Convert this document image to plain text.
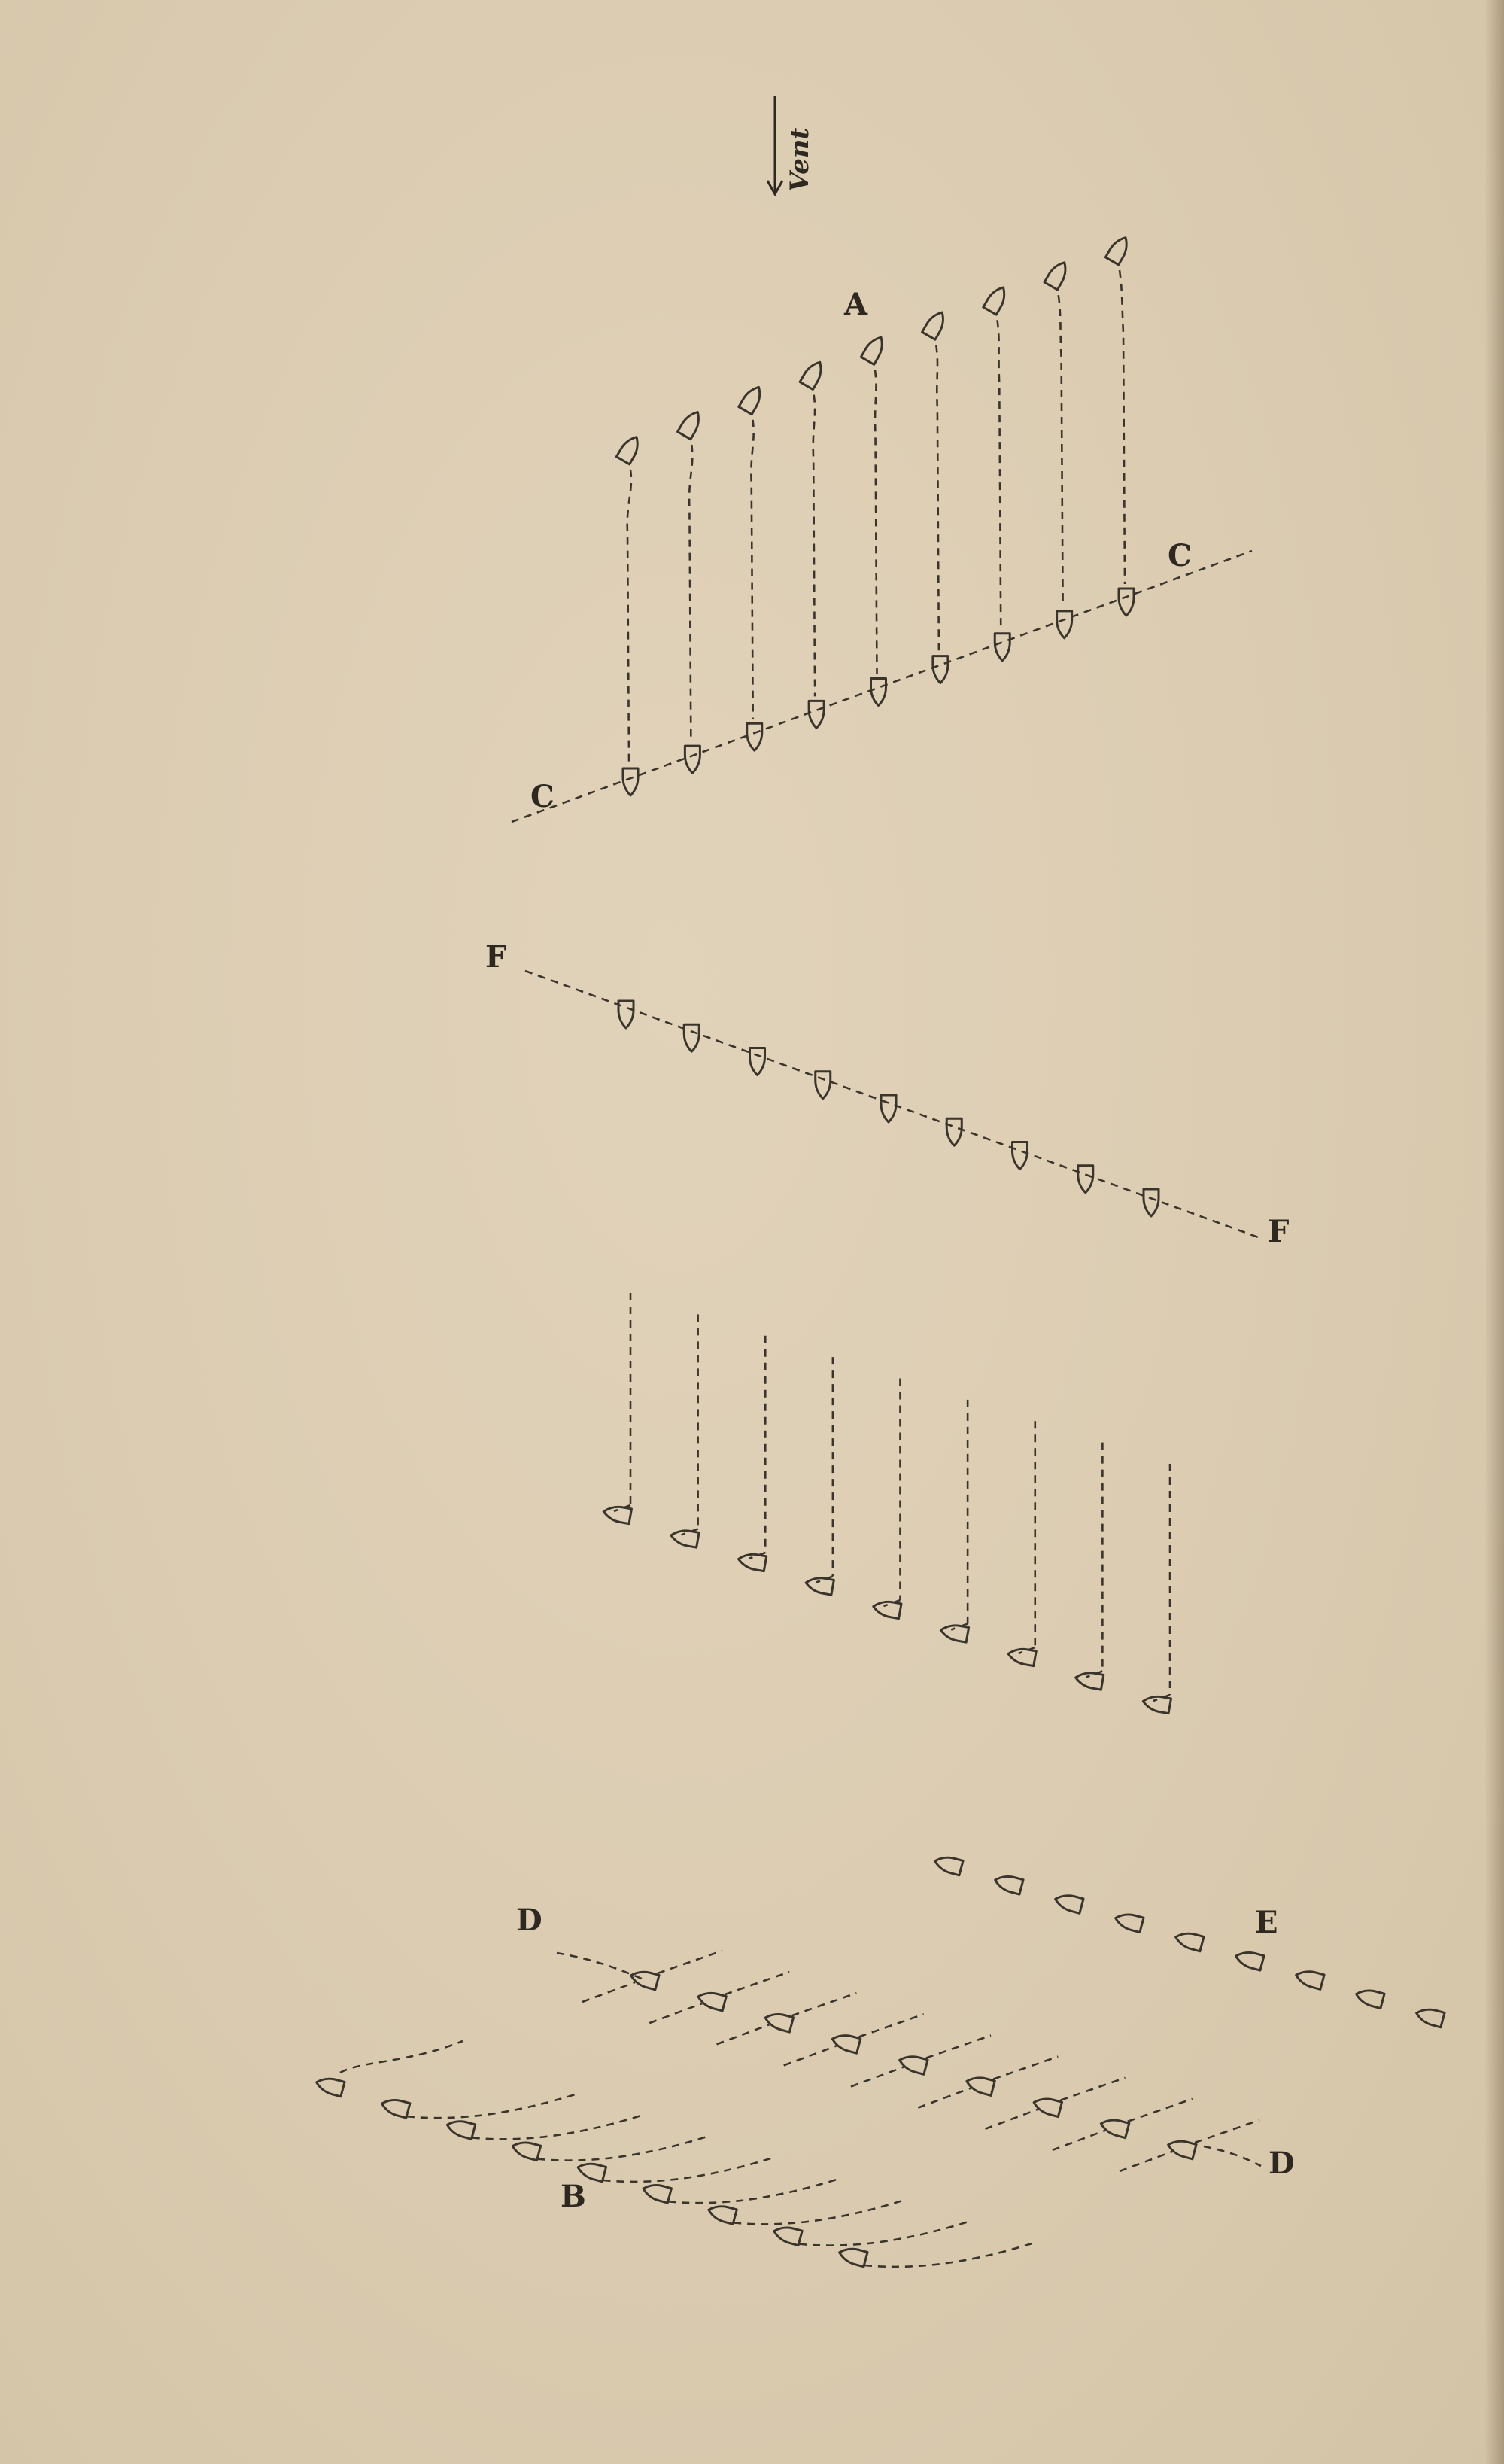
Vent
A
C
C
F
F
D	E
D
B
